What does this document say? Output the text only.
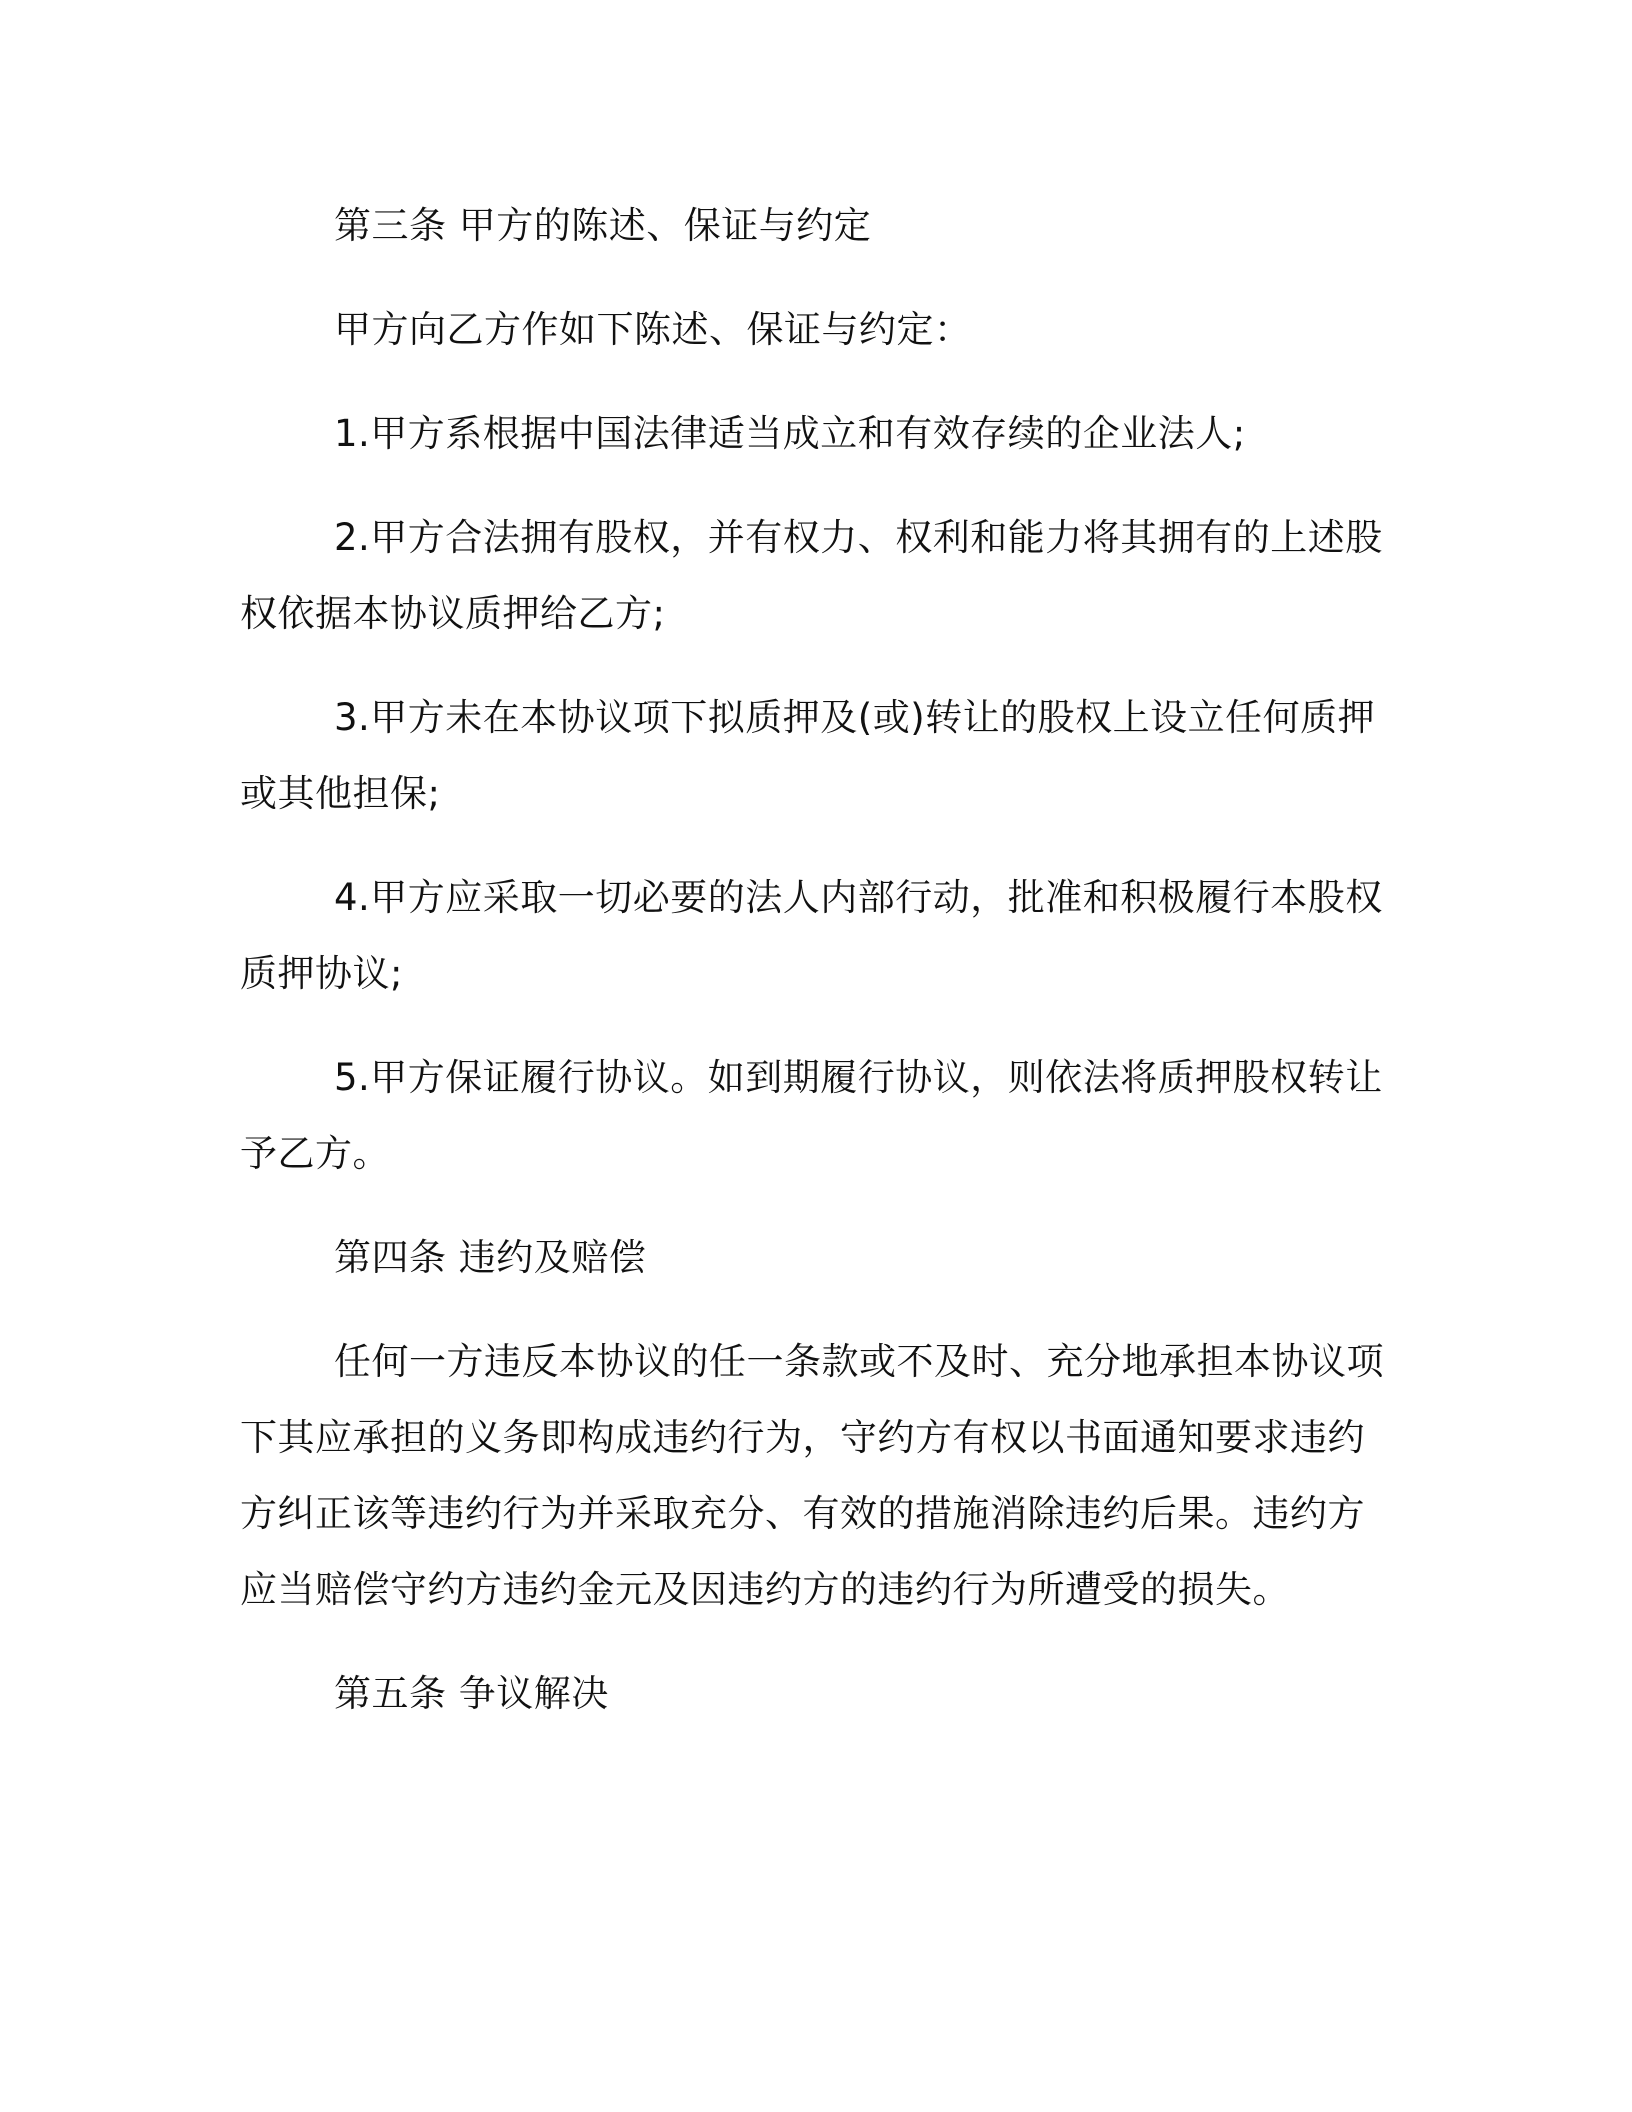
第三条 甲方的陈述、保证与约定
甲方向乙方作如下陈述、保证与约定：
1.甲方系根据中国法律适当成立和有效存续的企业法人;
2.甲方合法拥有股权，并有权力、权利和能力将其拥有的上述股
权依据本协议质押给乙方;
3.甲方未在本协议项下拟质押及(或)转让的股权上设立任何质押
或其他担保;
4.甲方应采取一切必要的法人内部行动，批准和积极履行本股权
质押协议;
5.甲方保证履行协议。如到期履行协议，则依法将质押股权转让
予乙方。
第四条 违约及赔偿
任何一方违反本协议的任一条款或不及时、充分地承担本协议项
下其应承担的义务即构成违约行为，守约方有权以书面通知要求违约
方纠正该等违约行为并采取充分、有效的措施消除违约后果。违约方
应当赔偿守约方违约金元及因违约方的违约行为所遭受的损失。
第五条 争议解决
